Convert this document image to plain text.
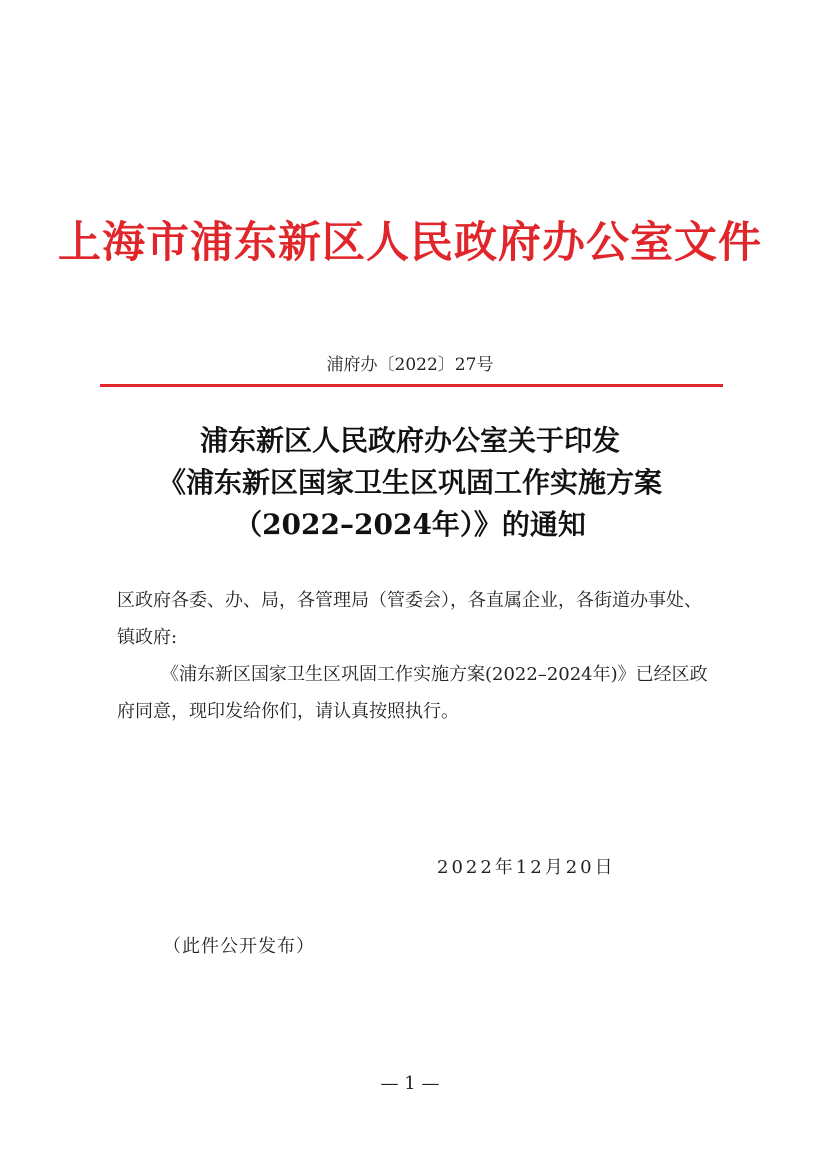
上海市浦东新区人民政府办公室文件
浦府办〔2022〕27号
浦东新区人民政府办公室关于印发
《浦东新区国家卫生区巩固工作实施方案
（2022–2024年）》的通知
区政府各委、办、局，各管理局（管委会），各直属企业，各街道办事处、镇政府:
《浦东新区国家卫生区巩固工作实施方案(2022–2024年)》已经区政府同意，现印发给你们，请认真按照执行。
2022年12月20日
（此件公开发布）
— 1 —
